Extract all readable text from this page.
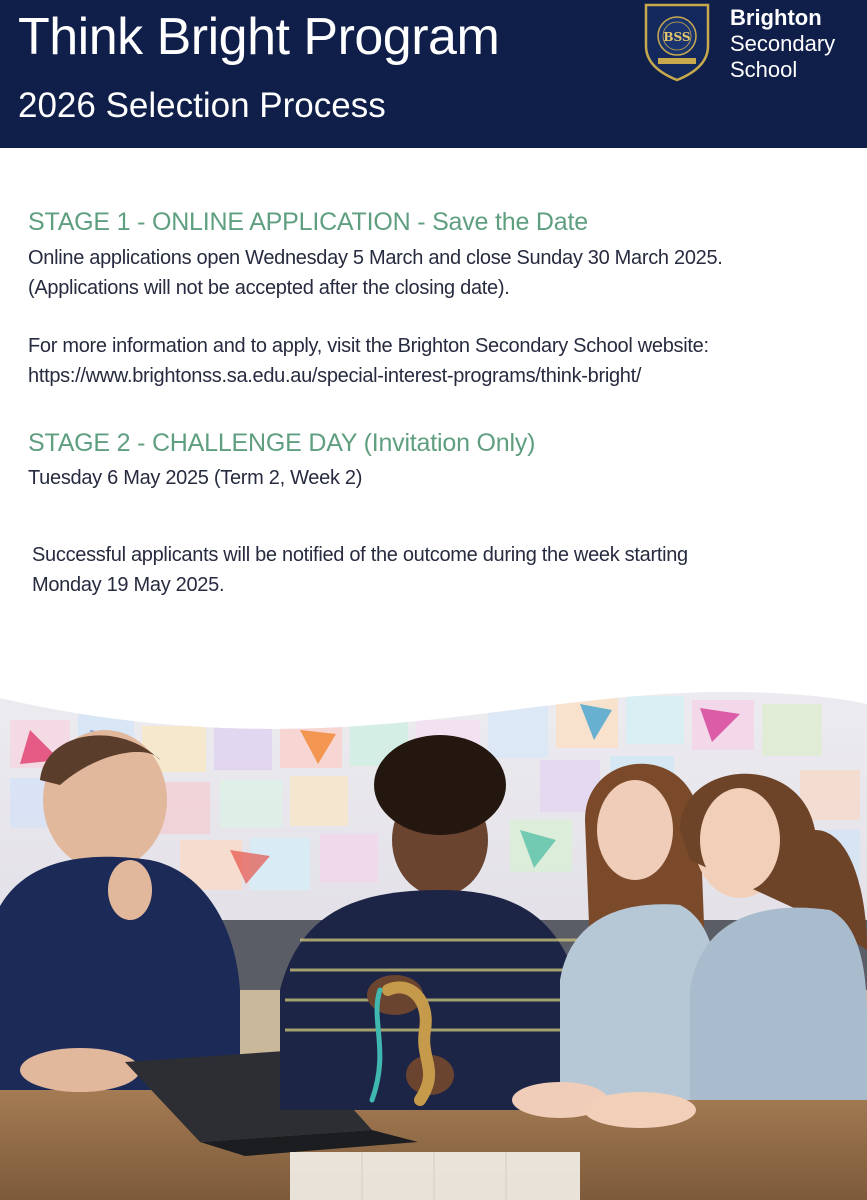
Think Bright Program
2026 Selection Process
BSS
Brighton
Secondary
School
STAGE 1 - ONLINE APPLICATION - Save the Date
Online applications open Wednesday 5 March and close Sunday 30 March 2025.
(Applications will not be accepted after the closing date).
For more information and to apply, visit the Brighton Secondary School website:
https://www.brightonss.sa.edu.au/special-interest-programs/think-bright/
STAGE 2 - CHALLENGE DAY (Invitation Only)
Tuesday 6 May 2025 (Term 2, Week 2)
Successful applicants will be notified of the outcome during the week starting
Monday 19 May 2025.
